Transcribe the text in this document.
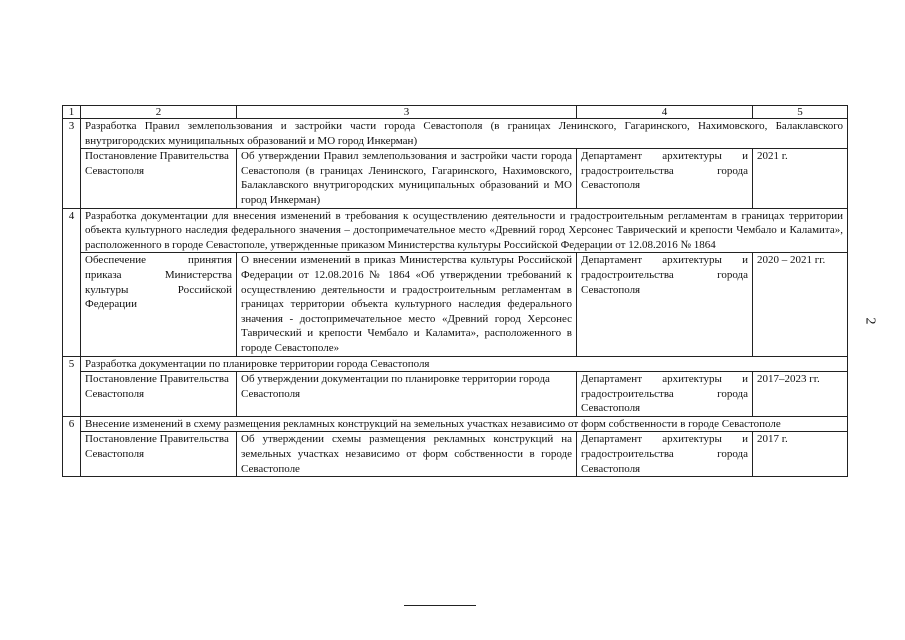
1	2	3	4	5
3	Разработка Правил землепользования и застройки части города Севастополя (в границах Ленинского, Гагаринского, Нахимовского, Балаклавского внутригородских муниципальных образований и МО город Инкерман)			
	Постановление Правительства Севастополя	Об утверждении Правил землепользования и застройки части города Севастополя (в границах Ленинского, Гагаринского, Нахимовского, Балаклавского внутригородских муниципальных образований и МО город Инкерман)	Департамент архитектуры и градостроительства города Севастополя	2021 г.
4	Разработка документации для внесения изменений в требования к осуществлению деятельности и градостроительным регламентам в границах территории объекта культурного наследия федерального значения – достопримечательное место «Древний город Херсонес Таврический и крепости Чембало и Каламита», расположенного в городе Севастополе, утвержденные приказом Министерства культуры Российской Федерации от 12.08.2016 № 1864			
	Обеспечение принятия приказа Министерства культуры Российской Федерации	О внесении изменений в приказ Министерства культуры Российской Федерации от 12.08.2016 № 1864 «Об утверждении требований к осуществлению деятельности и градостроительным регламентам в границах территории объекта культурного наследия федерального значения - достопримечательное место «Древний город Херсонес Таврический и крепости Чембало и Каламита», расположенного в городе Севастополе»	Департамент архитектуры и градостроительства города Севастополя	2020 – 2021 гг.
5	Разработка документации по планировке территории города Севастополя			
	Постановление Правительства Севастополя	Об утверждении документации по планировке территории города Севастополя	Департамент архитектуры и градостроительства города Севастополя	2017–2023 гг.
6	Внесение изменений в схему размещения рекламных конструкций на земельных участках независимо от форм собственности в городе Севастополе			
	Постановление Правительства Севастополя	Об утверждении схемы размещения рекламных конструкций на земельных участках независимо от форм собственности в городе Севастополе	Департамент архитектуры и градостроительства города Севастополя	2017 г.
2
